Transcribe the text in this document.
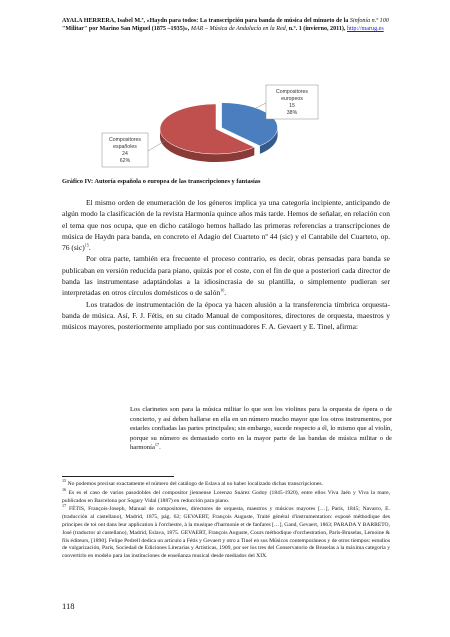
AYALA HERRERA, Isabel M.ª, «Haydn para todos: La transcripción para banda de música del minueto de la Sinfonía n.º 100 "Militar" por Marino San Miguel (1875 –1935)», MAR – Música de Andalucía en la Red, n.º. 1 (invierno, 2011), http://marug.es
Compositores
europeos
15
38%
Compositores
españoles
24
62%
Gráfico IV: Autoría española o europea de las transcripciones y fantasías

El mismo orden de enumeración de los géneros implica ya una categoría incipiente, anticipando de algún modo la clasificación de la revista Harmonía quince años más tarde. Hemos de señalar, en relación con el tema que nos ocupa, que en dicho catálogo hemos hallado las primeras referencias a transcripciones de música de Haydn para banda, en concreto el Adagio del Cuarteto nº 44 (sic) y el Cantabile del Cuarteto, op. 76 (sic)$^{15}$.

Por otra parte, también era frecuente el proceso contrario, es decir, obras pensadas para banda se publicaban en versión reducida para piano, quizás por el coste, con el fin de que a posteriori cada director de banda las instrumentase adaptándolas a la idiosincrasia de su plantilla, o simplemente pudieran ser interpretadas en otros círculos domésticos o de salón$^{16}$.

Los tratados de instrumentación de la época ya hacen alusión a la transferencia tímbrica orquesta-banda de música. Así, F. J. Fétis, en su citado Manual de compositores, directores de orquesta, maestros y músicos mayores, posteriormente ampliado por sus continuadores F. A. Gevaert y E. Tinel, afirma:

Los clarinetes son para la música militar lo que son los violines para la orquesta de ópera o de concierto, y así deben hallarse en ella en un número mucho mayor que los otros instrumentos, por estarles confiadas las partes principales; sin embargo, sucede respecto a él, lo mismo que al violín, porque su número es demasiado corto en la mayor parte de las bandas de música militar o de harmonía$^{17}$.

$^{15}$ No podemos precisar exactamente el número del catálogo de Eslava al no haber localizado dichas transcripciones.

$^{16}$ Es es el caso de varios pasodobles del compositor jiennense Lorenzo Suárez Godoy (1845-1920), entre ellos Viva Jaén y Viva la mare, publicados en Barcelona por Sogary Vidal (1887) en reducción para piano.

$^{17}$ FÉTIS, François-Joseph, Manual de compositores, directores de orquesta, maestros y músicos mayores […], París, 1845; Navarro, E. (traducción al castellano), Madrid, 1875, pág. 62; GEVAERT, François Auguste, Traité général d'instrumentation: exposé méthodique des principes de toi ont dans leur application à l'orchestre, à la musique d'harmonie et de fanfares […], Gand, Gevaert, 1863; PARADA Y BARRETO, José (traductor al castellano), Madrid, Eslava, 1875. GEVAERT, François Auguste, Cours méthodique d'orchestration, París-Bruselas, Lemoine & fils éditeurs, [1890]. Felipe Pedrell dedica un artículo a Fétis y Gevaert y otro a Tinel en sus Músicos contemporáneos y de otros tiempos: estudios de vulgarización, París, Sociedad de Ediciones Literarias y Artísticas, 1909, por ser los tres del Conservatorio de Bruselas a la máxima categoría y convertirlo en modelo para las instituciones de enseñanza musical desde mediados del XIX.

118
